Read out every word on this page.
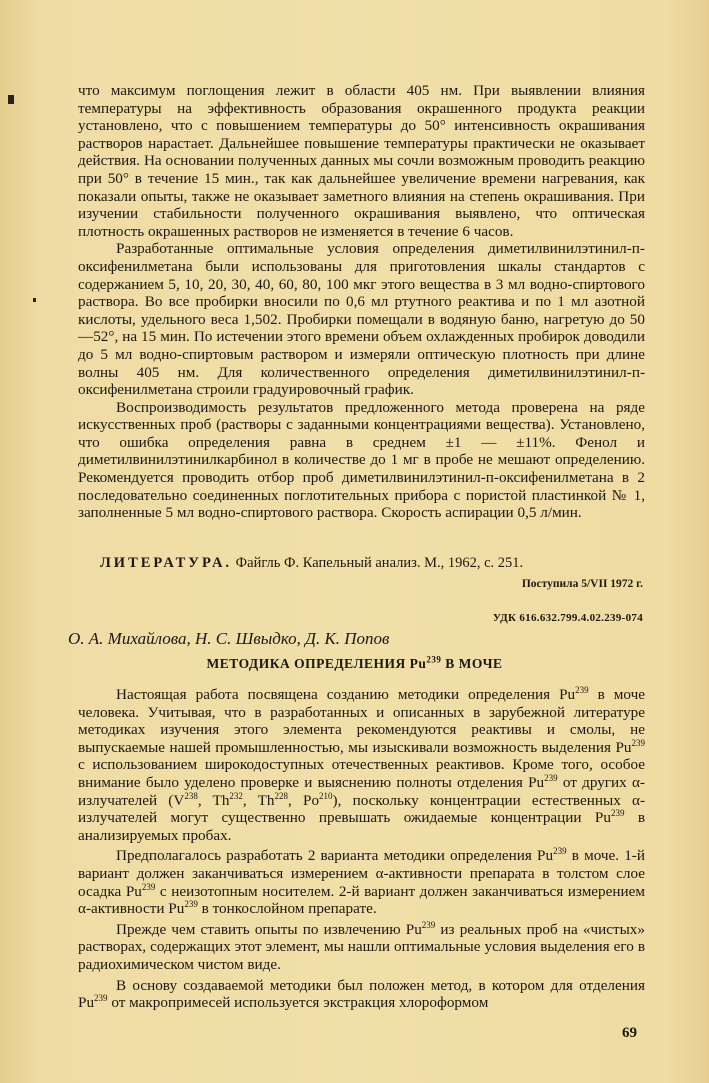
что максимум поглощения лежит в области 405 нм. При выявлении влияния температуры на эффективность образования окрашенного продукта реакции установлено, что с повышением температуры до 50° интенсивность окрашивания растворов нарастает. Дальнейшее повышение температуры практически не оказывает действия. На основании полученных данных мы сочли возможным проводить реакцию при 50° в течение 15 мин., так как дальнейшее увеличение времени нагревания, как показали опыты, также не оказывает заметного влияния на степень окрашивания. При изучении стабильности полученного окрашивания выявлено, что оптическая плотность окрашенных растворов не изменяется в течение 6 часов.

Разработанные оптимальные условия определения диметилвинилэтинил-п-оксифенилметана были использованы для приготовления шкалы стандартов с содержанием 5, 10, 20, 30, 40, 60, 80, 100 мкг этого вещества в 3 мл водно-спиртового раствора. Во все пробирки вносили по 0,6 мл ртутного реактива и по 1 мл азотной кислоты, удельного веса 1,502. Пробирки помещали в водяную баню, нагретую до 50—52°, на 15 мин. По истечении этого времени объем охлажденных пробирок доводили до 5 мл водно-спиртовым раствором и измеряли оптическую плотность при длине волны 405 нм. Для количественного определения диметилвинилэтинил-п-оксифенилметана строили градуировочный график.

Воспроизводимость результатов предложенного метода проверена на ряде искусственных проб (растворы с заданными концентрациями вещества). Установлено, что ошибка определения равна в среднем ±1 — ±11%. Фенол и диметилвинилэтинилкарбинол в количестве до 1 мг в пробе не мешают определению. Рекомендуется проводить отбор проб диметилвинилэтинил-п-оксифенилметана в 2 последовательно соединенных поглотительных прибора с пористой пластинкой № 1, заполненные 5 мл водно-спиртового раствора. Скорость аспирации 0,5 л/мин.

ЛИТЕРАТУРА. Файгль Ф. Капельный анализ. М., 1962, с. 251.
Поступила 5/VII 1972 г.
УДК 616.632.799.4.02.239-074
О. А. Михайлова, Н. С. Швыдко, Д. К. Попов
МЕТОДИКА ОПРЕДЕЛЕНИЯ Pu$^{239}$ В МОЧЕ

Настоящая работа посвящена созданию методики определения Pu$^{239}$ в моче человека. Учитывая, что в разработанных и описанных в зарубежной литературе методиках изучения этого элемента рекомендуются реактивы и смолы, не выпускаемые нашей промышленностью, мы изыскивали возможность выделения Pu$^{239}$ с использованием широкодоступных отечественных реактивов. Кроме того, особое внимание было уделено проверке и выяснению полноты отделения Pu$^{239}$ от других α-излучателей ($V^{238}$, Th$^{232}$, Th$^{228}$, Po$^{210}$), поскольку концентрации естественных α-излучателей могут существенно превышать ожидаемые концентрации Pu$^{239}$ в анализируемых пробах.

Предполагалось разработать 2 варианта методики определения Pu$^{239}$ в моче. 1-й вариант должен заканчиваться измерением α-активности препарата в толстом слое осадка Pu$^{239}$ с неизотопным носителем. 2-й вариант должен заканчиваться измерением α-активности Pu$^{239}$ в тонкослойном препарате.

Прежде чем ставить опыты по извлечению Pu$^{239}$ из реальных проб на «чистых» растворах, содержащих этот элемент, мы нашли оптимальные условия выделения его в радиохимическом чистом виде.

В основу создаваемой методики был положен метод, в котором для отделения Pu$^{239}$ от макропримесей используется экстракция хлороформом

69
